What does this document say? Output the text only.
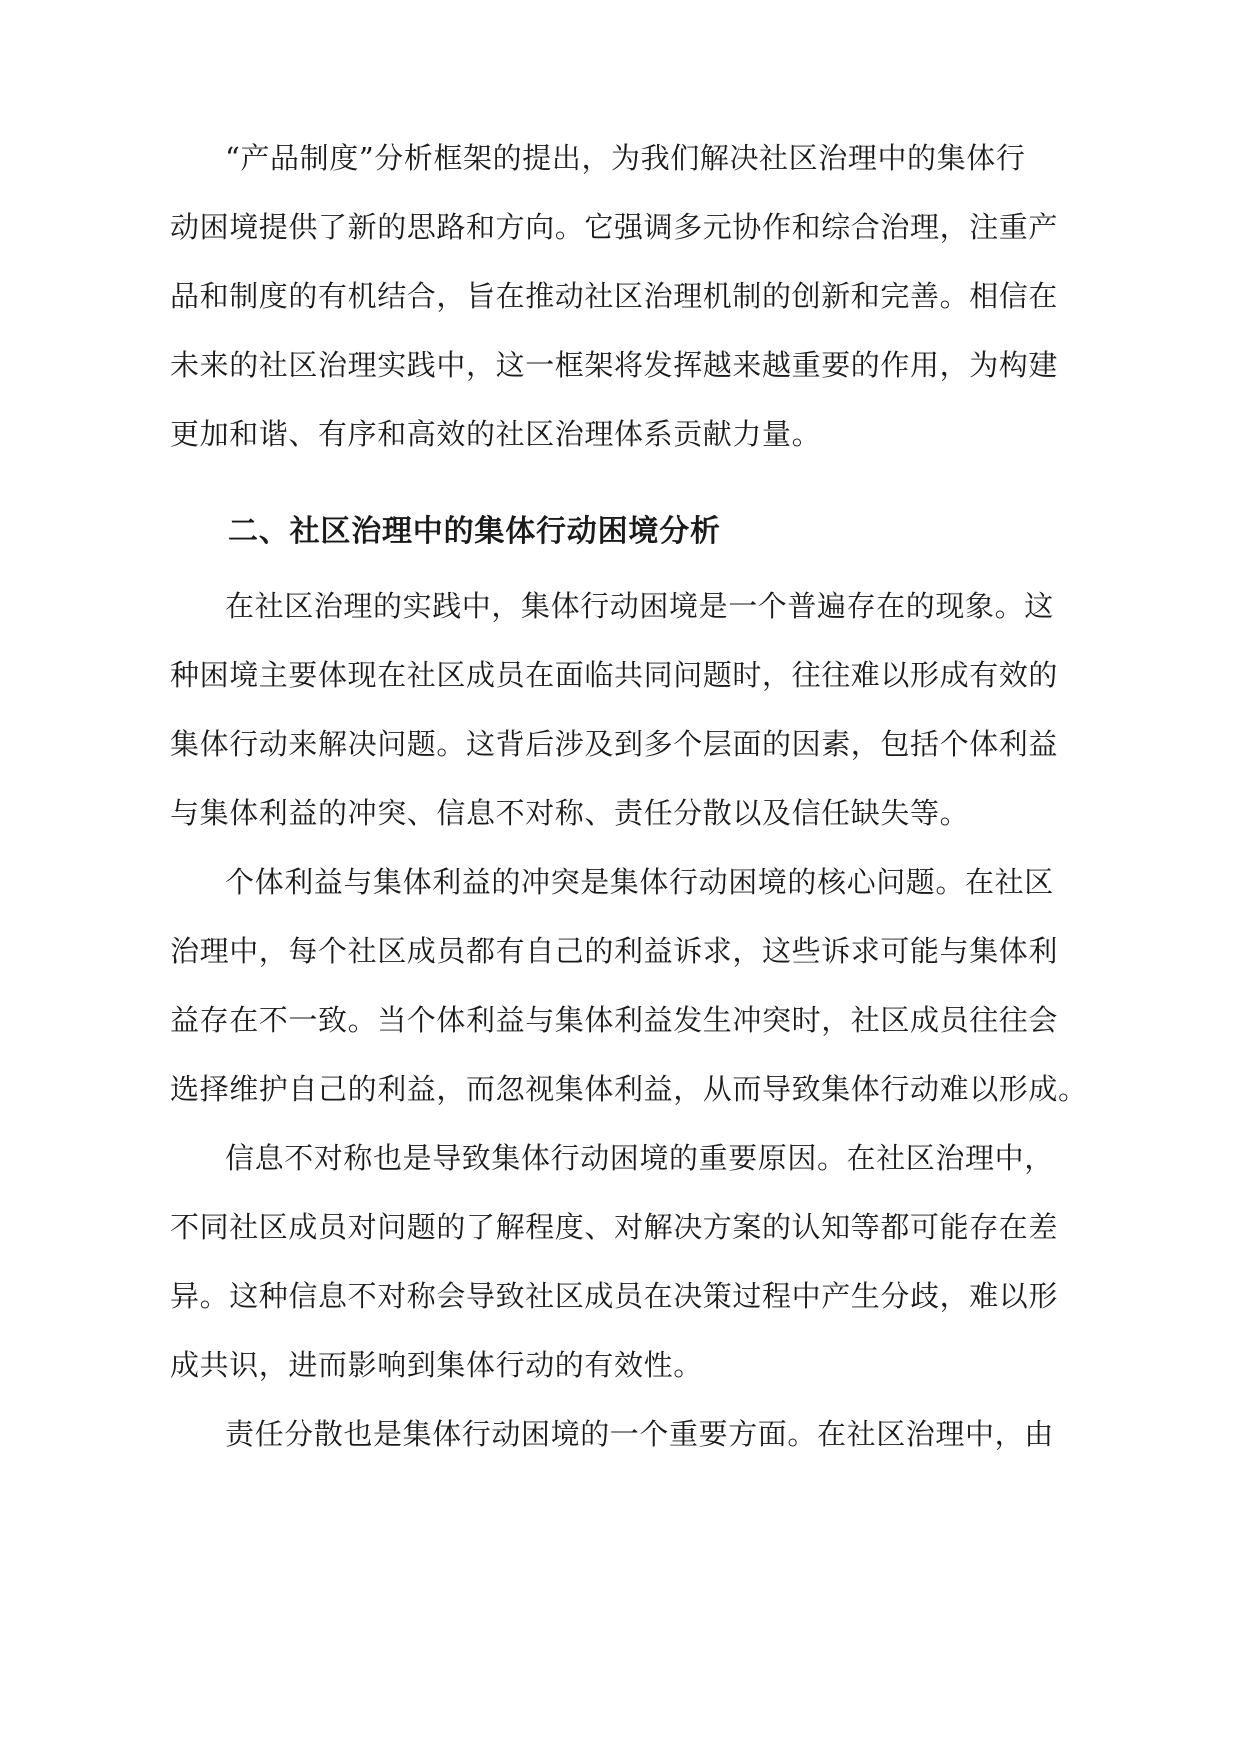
“产品制度”分析框架的提出，为我们解决社区治理中的集体行

动困境提供了新的思路和方向。它强调多元协作和综合治理，注重产

品和制度的有机结合，旨在推动社区治理机制的创新和完善。相信在

未来的社区治理实践中，这一框架将发挥越来越重要的作用，为构建

更加和谐、有序和高效的社区治理体系贡献力量。

二、社区治理中的集体行动困境分析

在社区治理的实践中，集体行动困境是一个普遍存在的现象。这

种困境主要体现在社区成员在面临共同问题时，往往难以形成有效的

集体行动来解决问题。这背后涉及到多个层面的因素，包括个体利益

与集体利益的冲突、信息不对称、责任分散以及信任缺失等。

个体利益与集体利益的冲突是集体行动困境的核心问题。在社区

治理中，每个社区成员都有自己的利益诉求，这些诉求可能与集体利

益存在不一致。当个体利益与集体利益发生冲突时，社区成员往往会

选择维护自己的利益，而忽视集体利益，从而导致集体行动难以形成。

信息不对称也是导致集体行动困境的重要原因。在社区治理中，

不同社区成员对问题的了解程度、对解决方案的认知等都可能存在差

异。这种信息不对称会导致社区成员在决策过程中产生分歧，难以形

成共识，进而影响到集体行动的有效性。

责任分散也是集体行动困境的一个重要方面。在社区治理中，由
